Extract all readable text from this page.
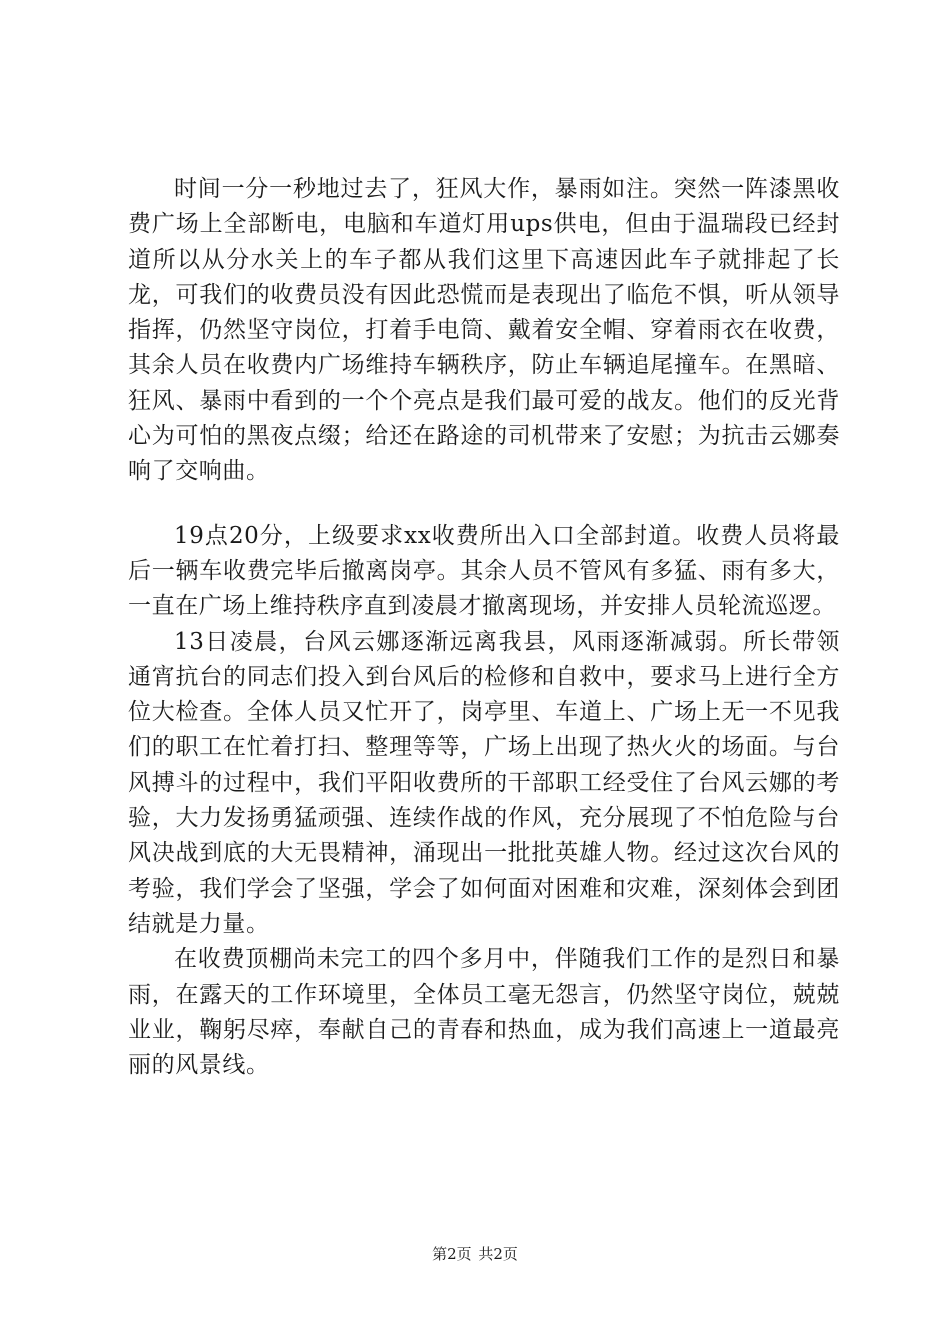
时间一分一秒地过去了，狂风大作，暴雨如注。突然一阵漆黑收费广场上全部断电，电脑和车道灯用ups供电，但由于温瑞段已经封道所以从分水关上的车子都从我们这里下高速因此车子就排起了长龙，可我们的收费员没有因此恐慌而是表现出了临危不惧，听从领导指挥，仍然坚守岗位，打着手电筒、戴着安全帽、穿着雨衣在收费，其余人员在收费内广场维持车辆秩序，防止车辆追尾撞车。在黑暗、狂风、暴雨中看到的一个个亮点是我们最可爱的战友。他们的反光背心为可怕的黑夜点缀；给还在路途的司机带来了安慰；为抗击云娜奏响了交响曲。

19点20分，上级要求xx收费所出入口全部封道。收费人员将最后一辆车收费完毕后撤离岗亭。其余人员不管风有多猛、雨有多大，一直在广场上维持秩序直到凌晨才撤离现场，并安排人员轮流巡逻。

13日凌晨，台风云娜逐渐远离我县，风雨逐渐减弱。所长带领通宵抗台的同志们投入到台风后的检修和自救中，要求马上进行全方位大检查。全体人员又忙开了，岗亭里、车道上、广场上无一不见我们的职工在忙着打扫、整理等等，广场上出现了热火火的场面。与台风搏斗的过程中，我们平阳收费所的干部职工经受住了台风云娜的考验，大力发扬勇猛顽强、连续作战的作风，充分展现了不怕危险与台风决战到底的大无畏精神，涌现出一批批英雄人物。经过这次台风的考验，我们学会了坚强，学会了如何面对困难和灾难，深刻体会到团结就是力量。

在收费顶棚尚未完工的四个多月中，伴随我们工作的是烈日和暴雨，在露天的工作环境里，全体员工毫无怨言，仍然坚守岗位，兢兢业业，鞠躬尽瘁，奉献自己的青春和热血，成为我们高速上一道最亮丽的风景线。

第2页 共2页
